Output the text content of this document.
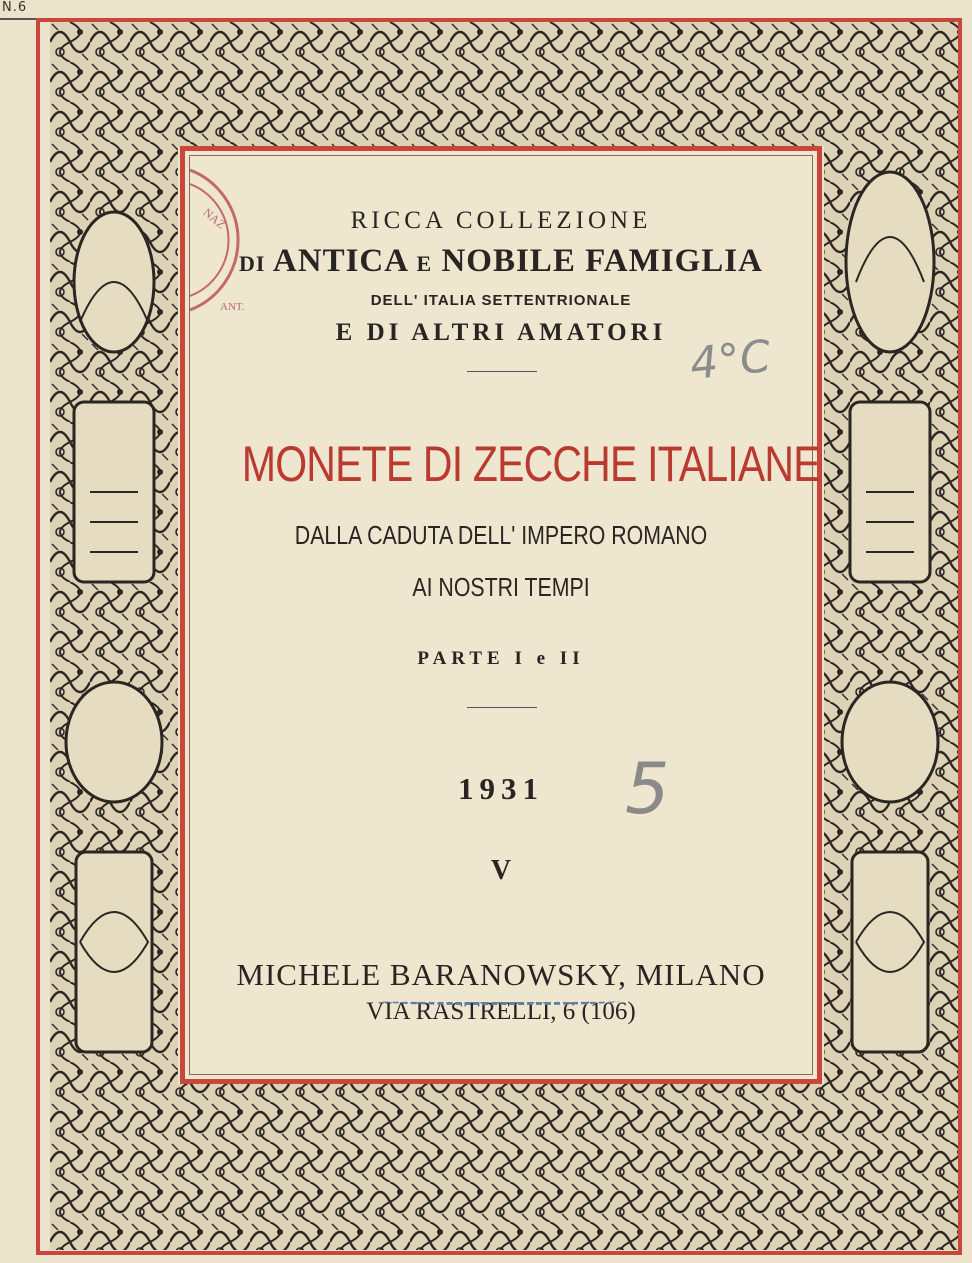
N.6
NAZ
ANT.
RICCA COLLEZIONE
DI ANTICA E NOBILE FAMIGLIA
DELL' ITALIA SETTENTRIONALE
E DI ALTRI AMATORI
MONETE DI ZECCHE ITALIANE
DALLA CADUTA DELL' IMPERO ROMANO
AI NOSTRI TEMPI
PARTE I e II
1931
V
MICHELE BARANOWSKY, MILANO
VIA RASTRELLI, 6 (106)
4°C
5
